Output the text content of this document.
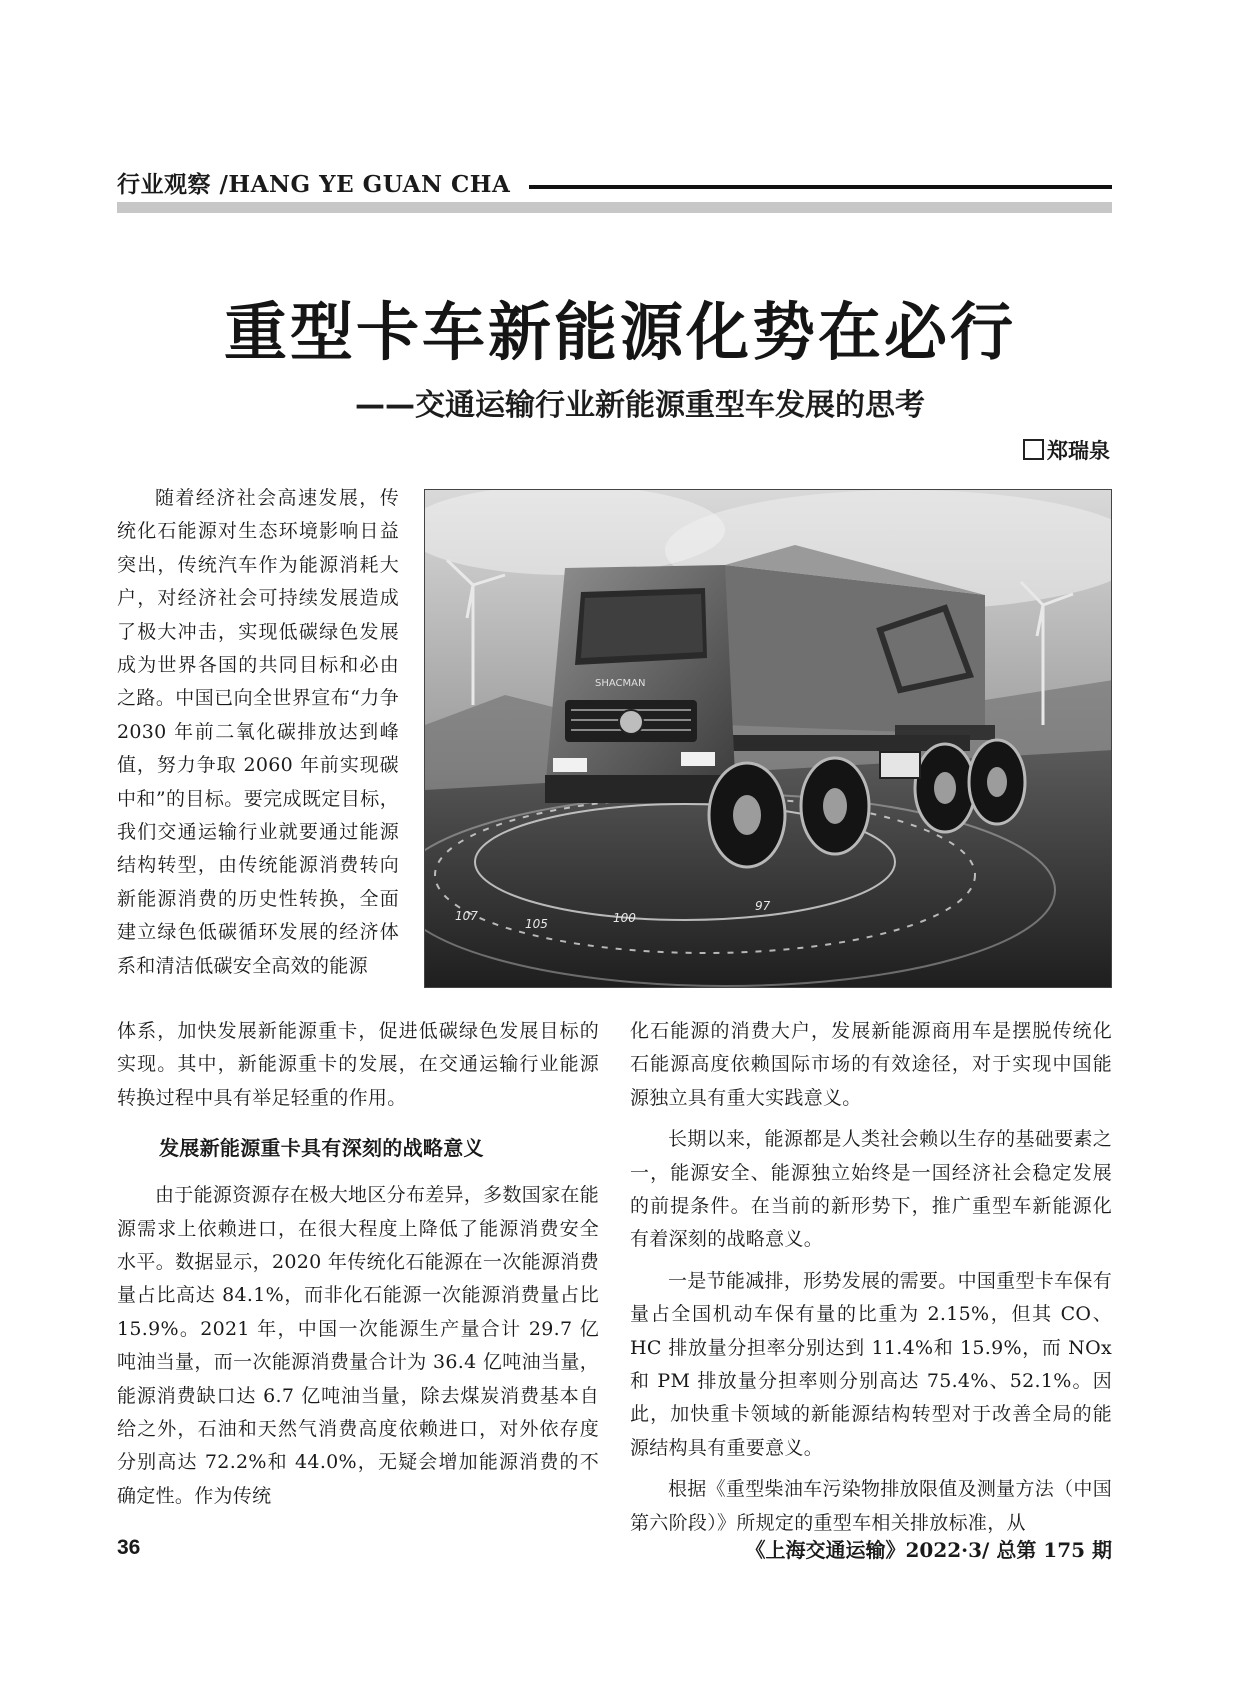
行业观察 /HANG YE GUAN CHA
重型卡车新能源化势在必行
——交通运输行业新能源重型车发展的思考
郑瑞泉

随着经济社会高速发展，传统化石能源对生态环境影响日益突出，传统汽车作为能源消耗大户，对经济社会可持续发展造成了极大冲击，实现低碳绿色发展成为世界各国的共同目标和必由之路。中国已向全世界宣布“力争 2030 年前二氧化碳排放达到峰值，努力争取 2060 年前实现碳中和”的目标。要完成既定目标，我们交通运输行业就要通过能源结构转型，由传统能源消费转向新能源消费的历史性转换，全面建立绿色低碳循环发展的经济体系和清洁低碳安全高效的能源

107
105	100
97
SHACMAN

体系，加快发展新能源重卡，促进低碳绿色发展目标的实现。其中，新能源重卡的发展，在交通运输行业能源转换过程中具有举足轻重的作用。

发展新能源重卡具有深刻的战略意义

由于能源资源存在极大地区分布差异，多数国家在能源需求上依赖进口，在很大程度上降低了能源消费安全水平。数据显示，2020 年传统化石能源在一次能源消费量占比高达 84.1%，而非化石能源一次能源消费量占比 15.9%。2021 年，中国一次能源生产量合计 29.7 亿吨油当量，而一次能源消费量合计为 36.4 亿吨油当量，能源消费缺口达 6.7 亿吨油当量，除去煤炭消费基本自给之外，石油和天然气消费高度依赖进口，对外依存度分别高达 72.2%和 44.0%，无疑会增加能源消费的不确定性。作为传统

化石能源的消费大户，发展新能源商用车是摆脱传统化石能源高度依赖国际市场的有效途径，对于实现中国能源独立具有重大实践意义。

长期以来，能源都是人类社会赖以生存的基础要素之一，能源安全、能源独立始终是一国经济社会稳定发展的前提条件。在当前的新形势下，推广重型车新能源化有着深刻的战略意义。

一是节能减排，形势发展的需要。中国重型卡车保有量占全国机动车保有量的比重为 2.15%，但其 CO、HC 排放量分担率分别达到 11.4%和 15.9%，而 NOx 和 PM 排放量分担率则分别高达 75.4%、52.1%。因此，加快重卡领域的新能源结构转型对于改善全局的能源结构具有重要意义。

根据《重型柴油车污染物排放限值及测量方法（中国第六阶段）》所规定的重型车相关排放标准，从

36	《上海交通运输》2022·3/ 总第 175 期
